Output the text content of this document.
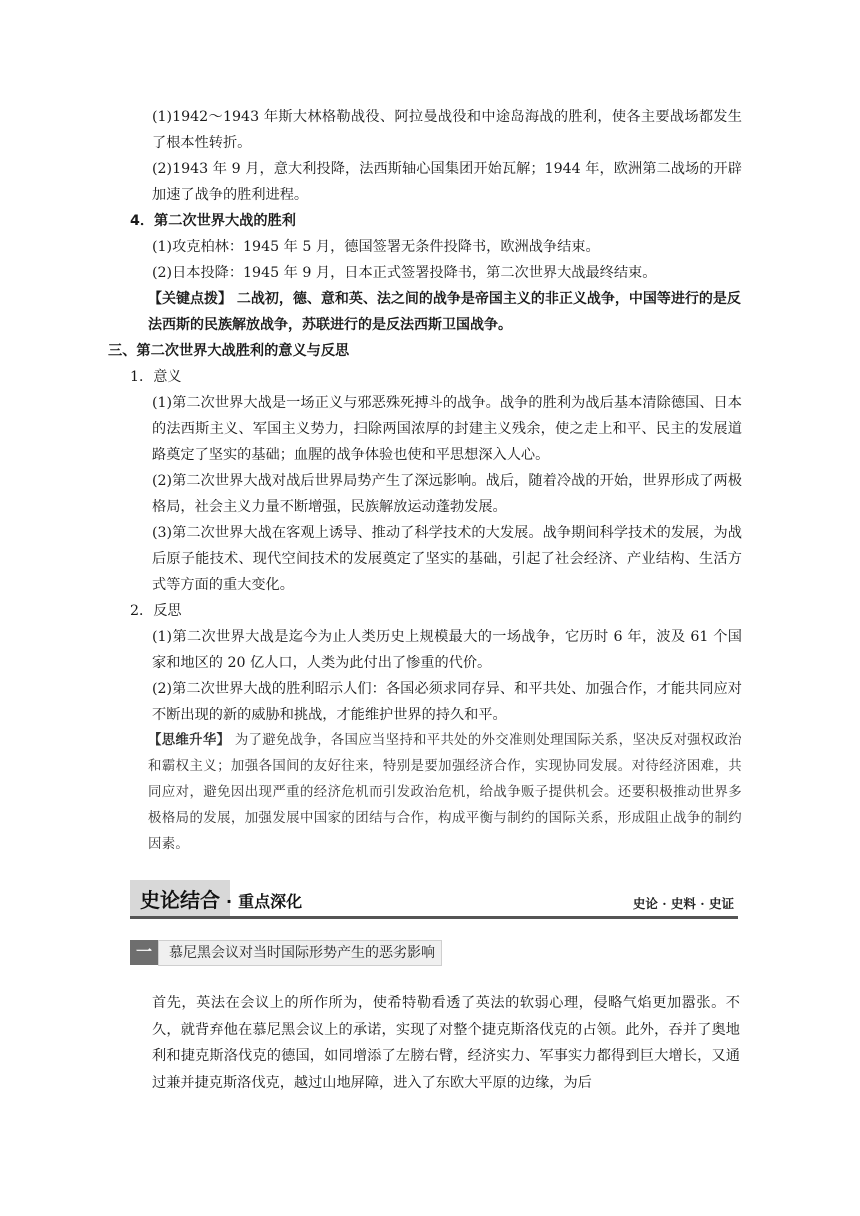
(1)1942～1943 年斯大林格勒战役、阿拉曼战役和中途岛海战的胜利，使各主要战场都发生了根本性转折。

(2)1943 年 9 月，意大利投降，法西斯轴心国集团开始瓦解；1944 年，欧洲第二战场的开辟加速了战争的胜利进程。

4．第二次世界大战的胜利

(1)攻克柏林：1945 年 5 月，德国签署无条件投降书，欧洲战争结束。

(2)日本投降：1945 年 9 月，日本正式签署投降书，第二次世界大战最终结束。

【关键点拨】 二战初，德、意和英、法之间的战争是帝国主义的非正义战争，中国等进行的是反法西斯的民族解放战争，苏联进行的是反法西斯卫国战争。

三、第二次世界大战胜利的意义与反思

1．意义

(1)第二次世界大战是一场正义与邪恶殊死搏斗的战争。战争的胜利为战后基本清除德国、日本的法西斯主义、军国主义势力，扫除两国浓厚的封建主义残余，使之走上和平、民主的发展道路奠定了坚实的基础；血腥的战争体验也使和平思想深入人心。

(2)第二次世界大战对战后世界局势产生了深远影响。战后，随着冷战的开始，世界形成了两极格局，社会主义力量不断增强，民族解放运动蓬勃发展。

(3)第二次世界大战在客观上诱导、推动了科学技术的大发展。战争期间科学技术的发展，为战后原子能技术、现代空间技术的发展奠定了坚实的基础，引起了社会经济、产业结构、生活方式等方面的重大变化。

2．反思

(1)第二次世界大战是迄今为止人类历史上规模最大的一场战争，它历时 6 年，波及 61 个国家和地区的 20 亿人口，人类为此付出了惨重的代价。

(2)第二次世界大战的胜利昭示人们：各国必须求同存异、和平共处、加强合作，才能共同应对不断出现的新的威胁和挑战，才能维护世界的持久和平。

【思维升华】 为了避免战争，各国应当坚持和平共处的外交准则处理国际关系，坚决反对强权政治和霸权主义；加强各国间的友好往来，特别是要加强经济合作，实现协同发展。对待经济困难，共同应对，避免因出现严重的经济危机而引发政治危机，给战争贩子提供机会。还要积极推动世界多极格局的发展，加强发展中国家的团结与合作，构成平衡与制约的国际关系，形成阻止战争的制约因素。

史论结合 · 重点深化	史论 · 史料 · 史证
一	慕尼黑会议对当时国际形势产生的恶劣影响

首先，英法在会议上的所作所为，使希特勒看透了英法的软弱心理，侵略气焰更加嚣张。不久，就背弃他在慕尼黑会议上的承诺，实现了对整个捷克斯洛伐克的占领。此外，吞并了奥地利和捷克斯洛伐克的德国，如同增添了左膀右臂，经济实力、军事实力都得到巨大增长，又通过兼并捷克斯洛伐克，越过山地屏障，进入了东欧大平原的边缘，为后
